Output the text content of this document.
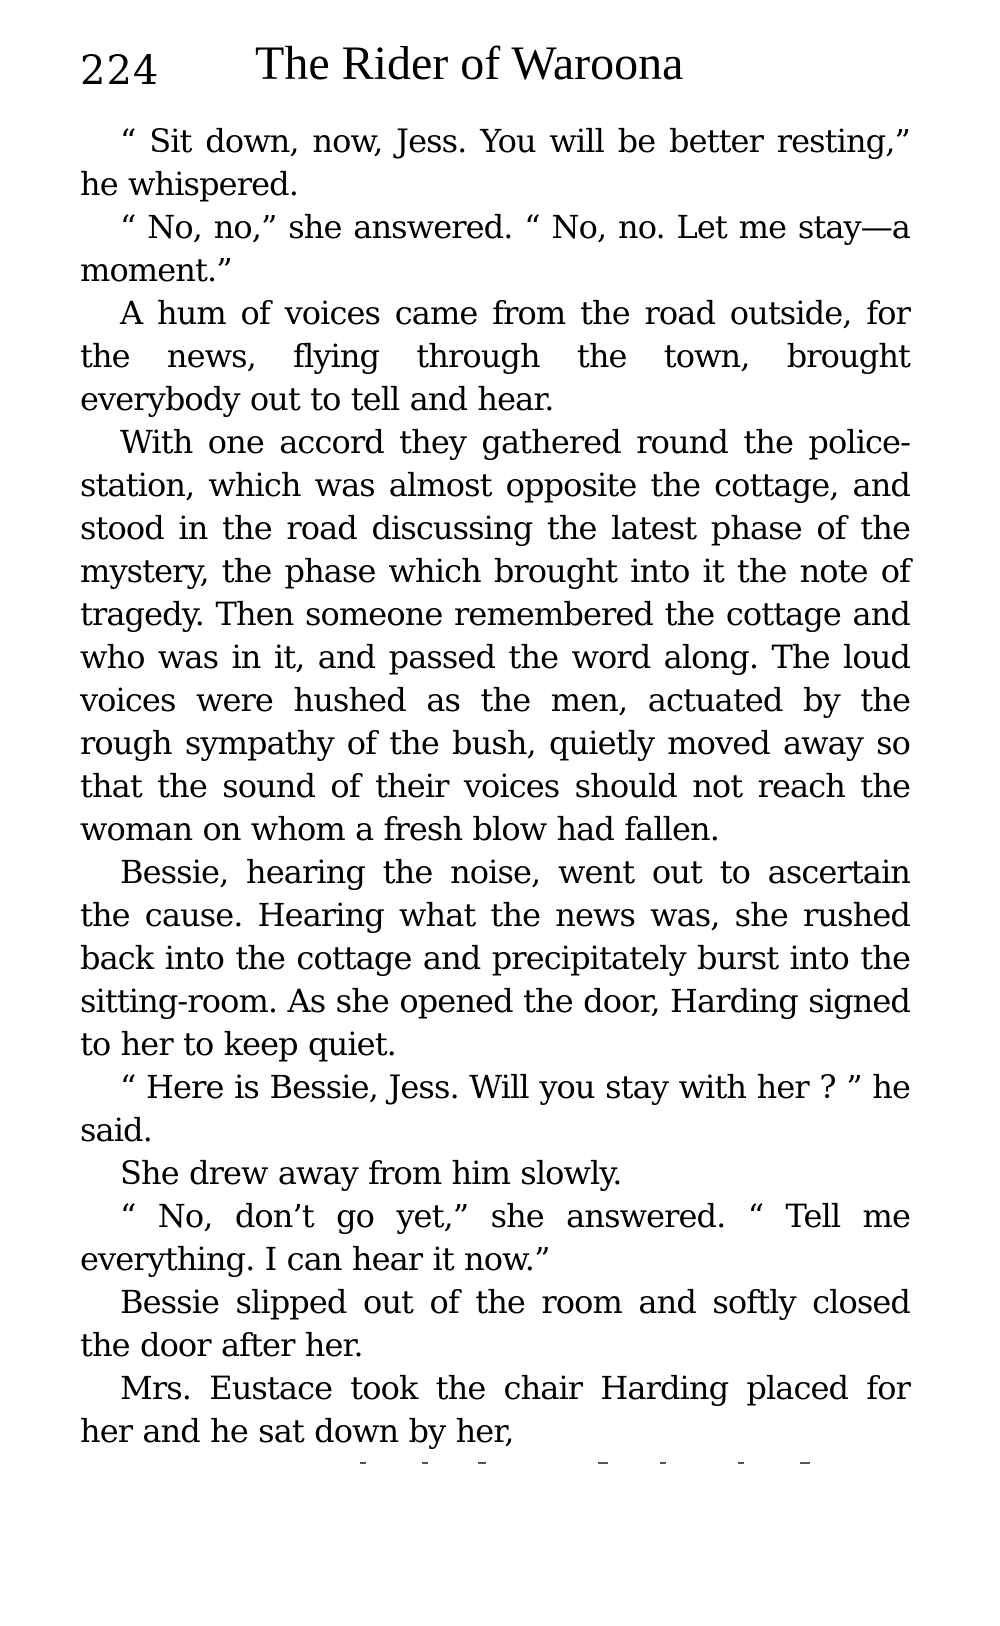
224 The Rider of Waroona

“ Sit down, now, Jess. You will be better resting,” he whispered.

“ No, no,” she answered. “ No, no. Let me stay—a moment.”

A hum of voices came from the road outside, for the news, flying through the town, brought everybody out to tell and hear.

With one accord they gathered round the police-station, which was almost opposite the cottage, and stood in the road discussing the latest phase of the mystery, the phase which brought into it the note of tragedy. Then someone remembered the cottage and who was in it, and passed the word along. The loud voices were hushed as the men, actuated by the rough sympathy of the bush, quietly moved away so that the sound of their voices should not reach the woman on whom a fresh blow had fallen.

Bessie, hearing the noise, went out to ascertain the cause. Hearing what the news was, she rushed back into the cottage and precipitately burst into the sitting-room. As she opened the door, Harding signed to her to keep quiet.

“ Here is Bessie, Jess. Will you stay with her ? ” he said.

She drew away from him slowly.

“ No, don’t go yet,” she answered. “ Tell me everything. I can hear it now.”

Bessie slipped out of the room and softly closed the door after her.

Mrs. Eustace took the chair Harding placed for her and he sat down by her,
